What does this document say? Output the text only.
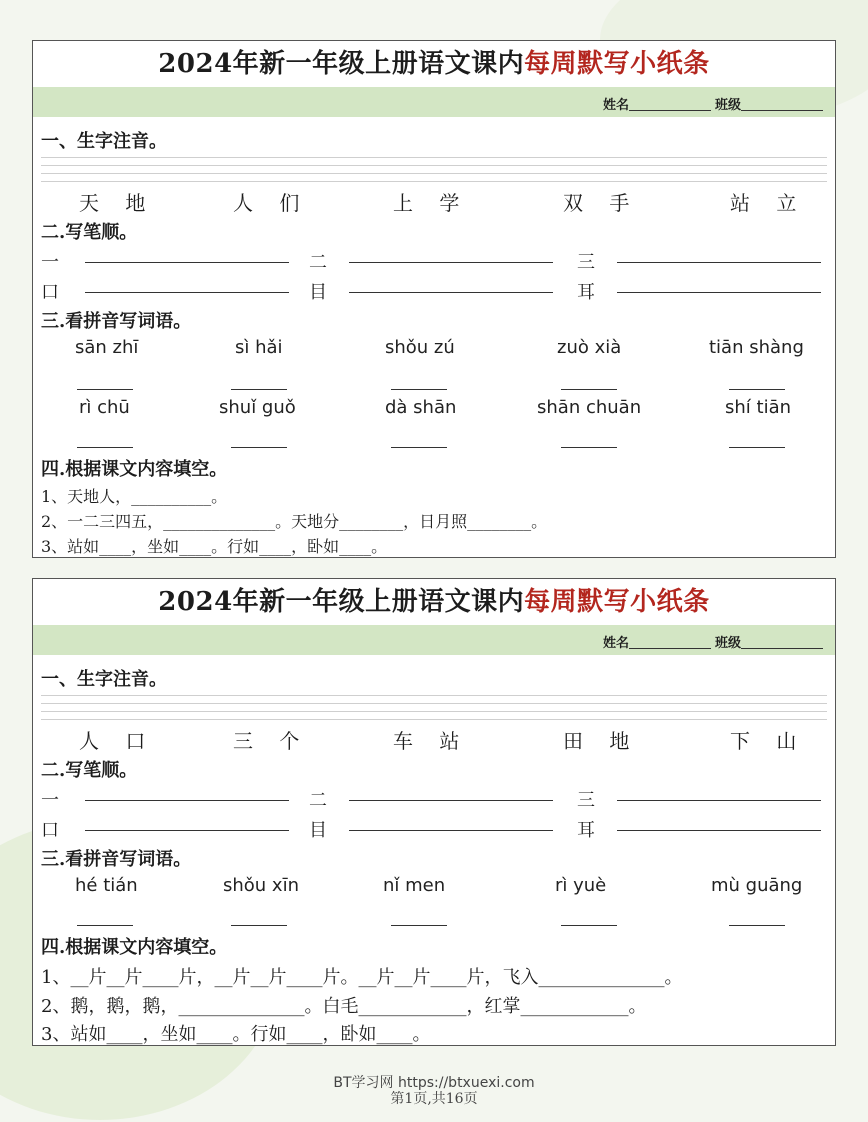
2024年新一年级上册语文课内每周默写小纸条
姓名	班级
一、生字注音。
天 地	人 们	上 学	双 手	站 立
二.写笔顺。
一	二	三
口	目	耳
三.看拼音写词语。
sān zhī	sì hǎi	shǒu zú	zuò xià	tiān shàng
rì chū	shuǐ guǒ	dà shān	shān chuān	shí tiān
四.根据课文内容填空。
1、天地人，__________。
2、一二三四五，______________。天地分________，日月照________。
3、站如____，坐如____。行如____，卧如____。
2024年新一年级上册语文课内每周默写小纸条
姓名	班级
一、生字注音。
人 口	三 个	车 站	田 地	下 山
二.写笔顺。
一	二	三
口	目	耳
三.看拼音写词语。
hé tián	shǒu xīn	nǐ men	rì yuè	mù guāng
四.根据课文内容填空。
1、__片__片____片，__片__片____片。__片__片____片，飞入______________。
2、鹅，鹅，鹅，______________。白毛____________，红掌____________。
3、站如____，坐如____。行如____，卧如____。
BT学习网 https://btxuexi.com
第1页,共16页
